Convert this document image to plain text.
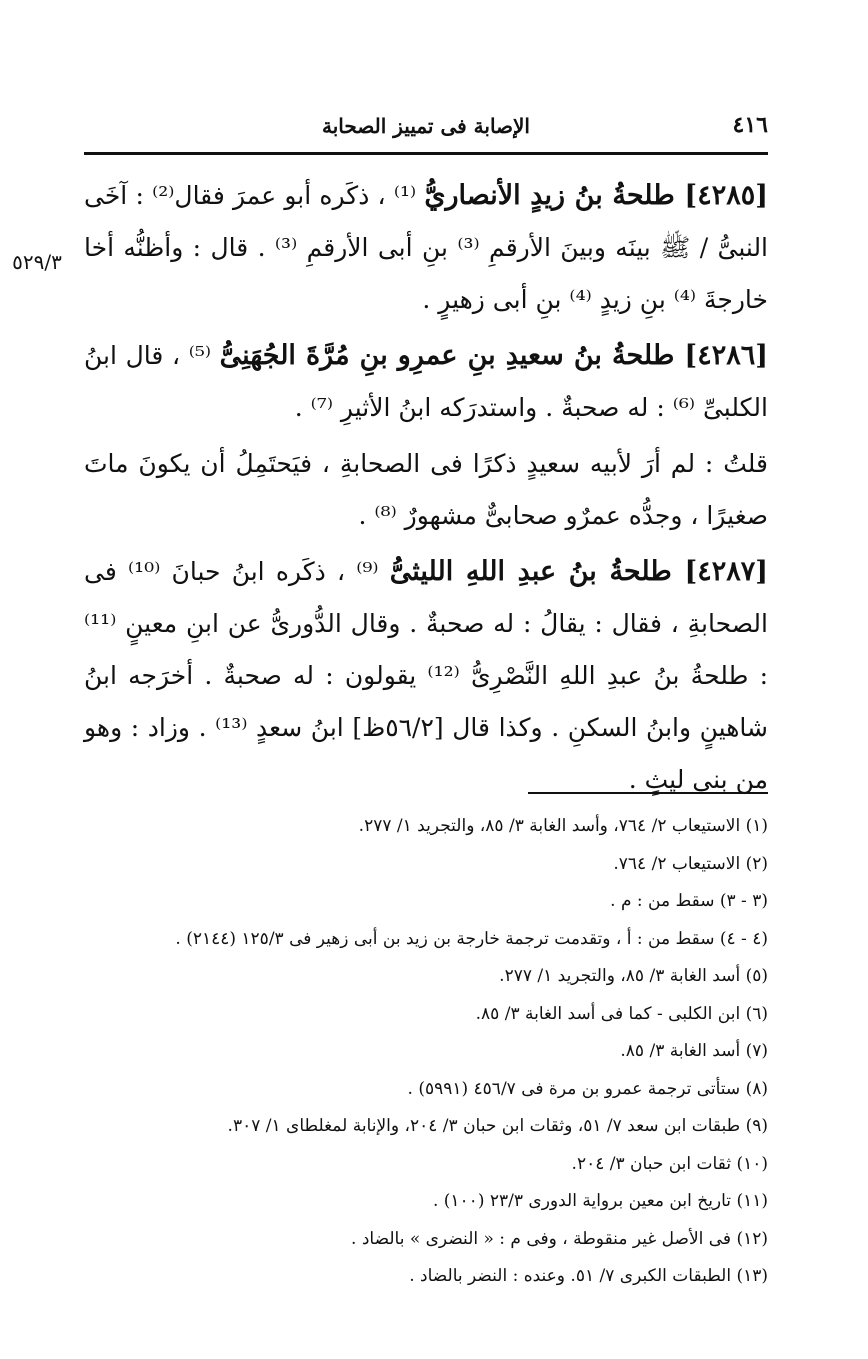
٤١٦
الإصابة فى تمييز الصحابة
٥٢٩/٣

[٤٢٨٥] طلحةُ بنُ زيدٍ الأنصاريُّ ⁽¹⁾ ، ذكَره أبو عمرَ فقال⁽²⁾ : آخَى النبىُّ / ﷺ بينَه وبينَ الأرقمِ ⁽³⁾ بنِ أبى الأرقمِ ⁽³⁾ . قال : وأظنُّه أخا خارجةَ ⁽⁴⁾ بنِ زيدٍ ⁽⁴⁾ بنِ أبى زهيرٍ .

[٤٢٨٦] طلحةُ بنُ سعيدِ بنِ عمرِو بنِ مُرَّةَ الجُهَنِىُّ ⁽⁵⁾ ، قال ابنُ الكلبىِّ ⁽⁶⁾ : له صحبةٌ . واستدرَكه ابنُ الأثيرِ ⁽⁷⁾ .

قلتُ : لم أرَ لأبيه سعيدٍ ذكرًا فى الصحابةِ ، فيَحتَمِلُ أن يكونَ ماتَ صغيرًا ، وجدُّه عمرٌو صحابىٌّ مشهورٌ ⁽⁸⁾ .

[٤٢٨٧] طلحةُ بنُ عبدِ اللهِ الليثىُّ ⁽⁹⁾ ، ذكَره ابنُ حبانَ ⁽¹⁰⁾ فى الصحابةِ ، فقال : يقالُ : له صحبةٌ . وقال الدُّورىُّ عن ابنِ معينٍ ⁽¹¹⁾ : طلحةُ بنُ عبدِ اللهِ النَّصْرِىُّ ⁽¹²⁾ يقولون : له صحبةٌ . أخرَجه ابنُ شاهينٍ وابنُ السكنِ . وكذا قال [٥٦/٢ظ] ابنُ سعدٍ ⁽¹³⁾ . وزاد : وهو من بنى ليثٍ .

(١) الاستيعاب ٢/ ٧٦٤، وأسد الغابة ٣/ ٨٥، والتجريد ١/ ٢٧٧.
(٢) الاستيعاب ٢/ ٧٦٤.
(٣ - ٣) سقط من : م .
(٤ - ٤) سقط من : أ ، وتقدمت ترجمة خارجة بن زيد بن أبى زهير فى ١٢٥/٣ (٢١٤٤) .
(٥) أسد الغابة ٣/ ٨٥، والتجريد ١/ ٢٧٧.
(٦) ابن الكلبى - كما فى أسد الغابة ٣/ ٨٥.
(٧) أسد الغابة ٣/ ٨٥.
(٨) ستأتى ترجمة عمرو بن مرة فى ٤٥٦/٧ (٥٩٩١) .
(٩) طبقات ابن سعد ٧/ ٥١، وثقات ابن حبان ٣/ ٢٠٤، والإنابة لمغلطاى ١/ ٣٠٧.
(١٠) ثقات ابن حبان ٣/ ٢٠٤.
(١١) تاريخ ابن معين برواية الدورى ٢٣/٣ (١٠٠) .
(١٢) فى الأصل غير منقوطة ، وفى م : « النضرى » بالضاد .
(١٣) الطبقات الكبرى ٧/ ٥١. وعنده : النضر بالضاد .
